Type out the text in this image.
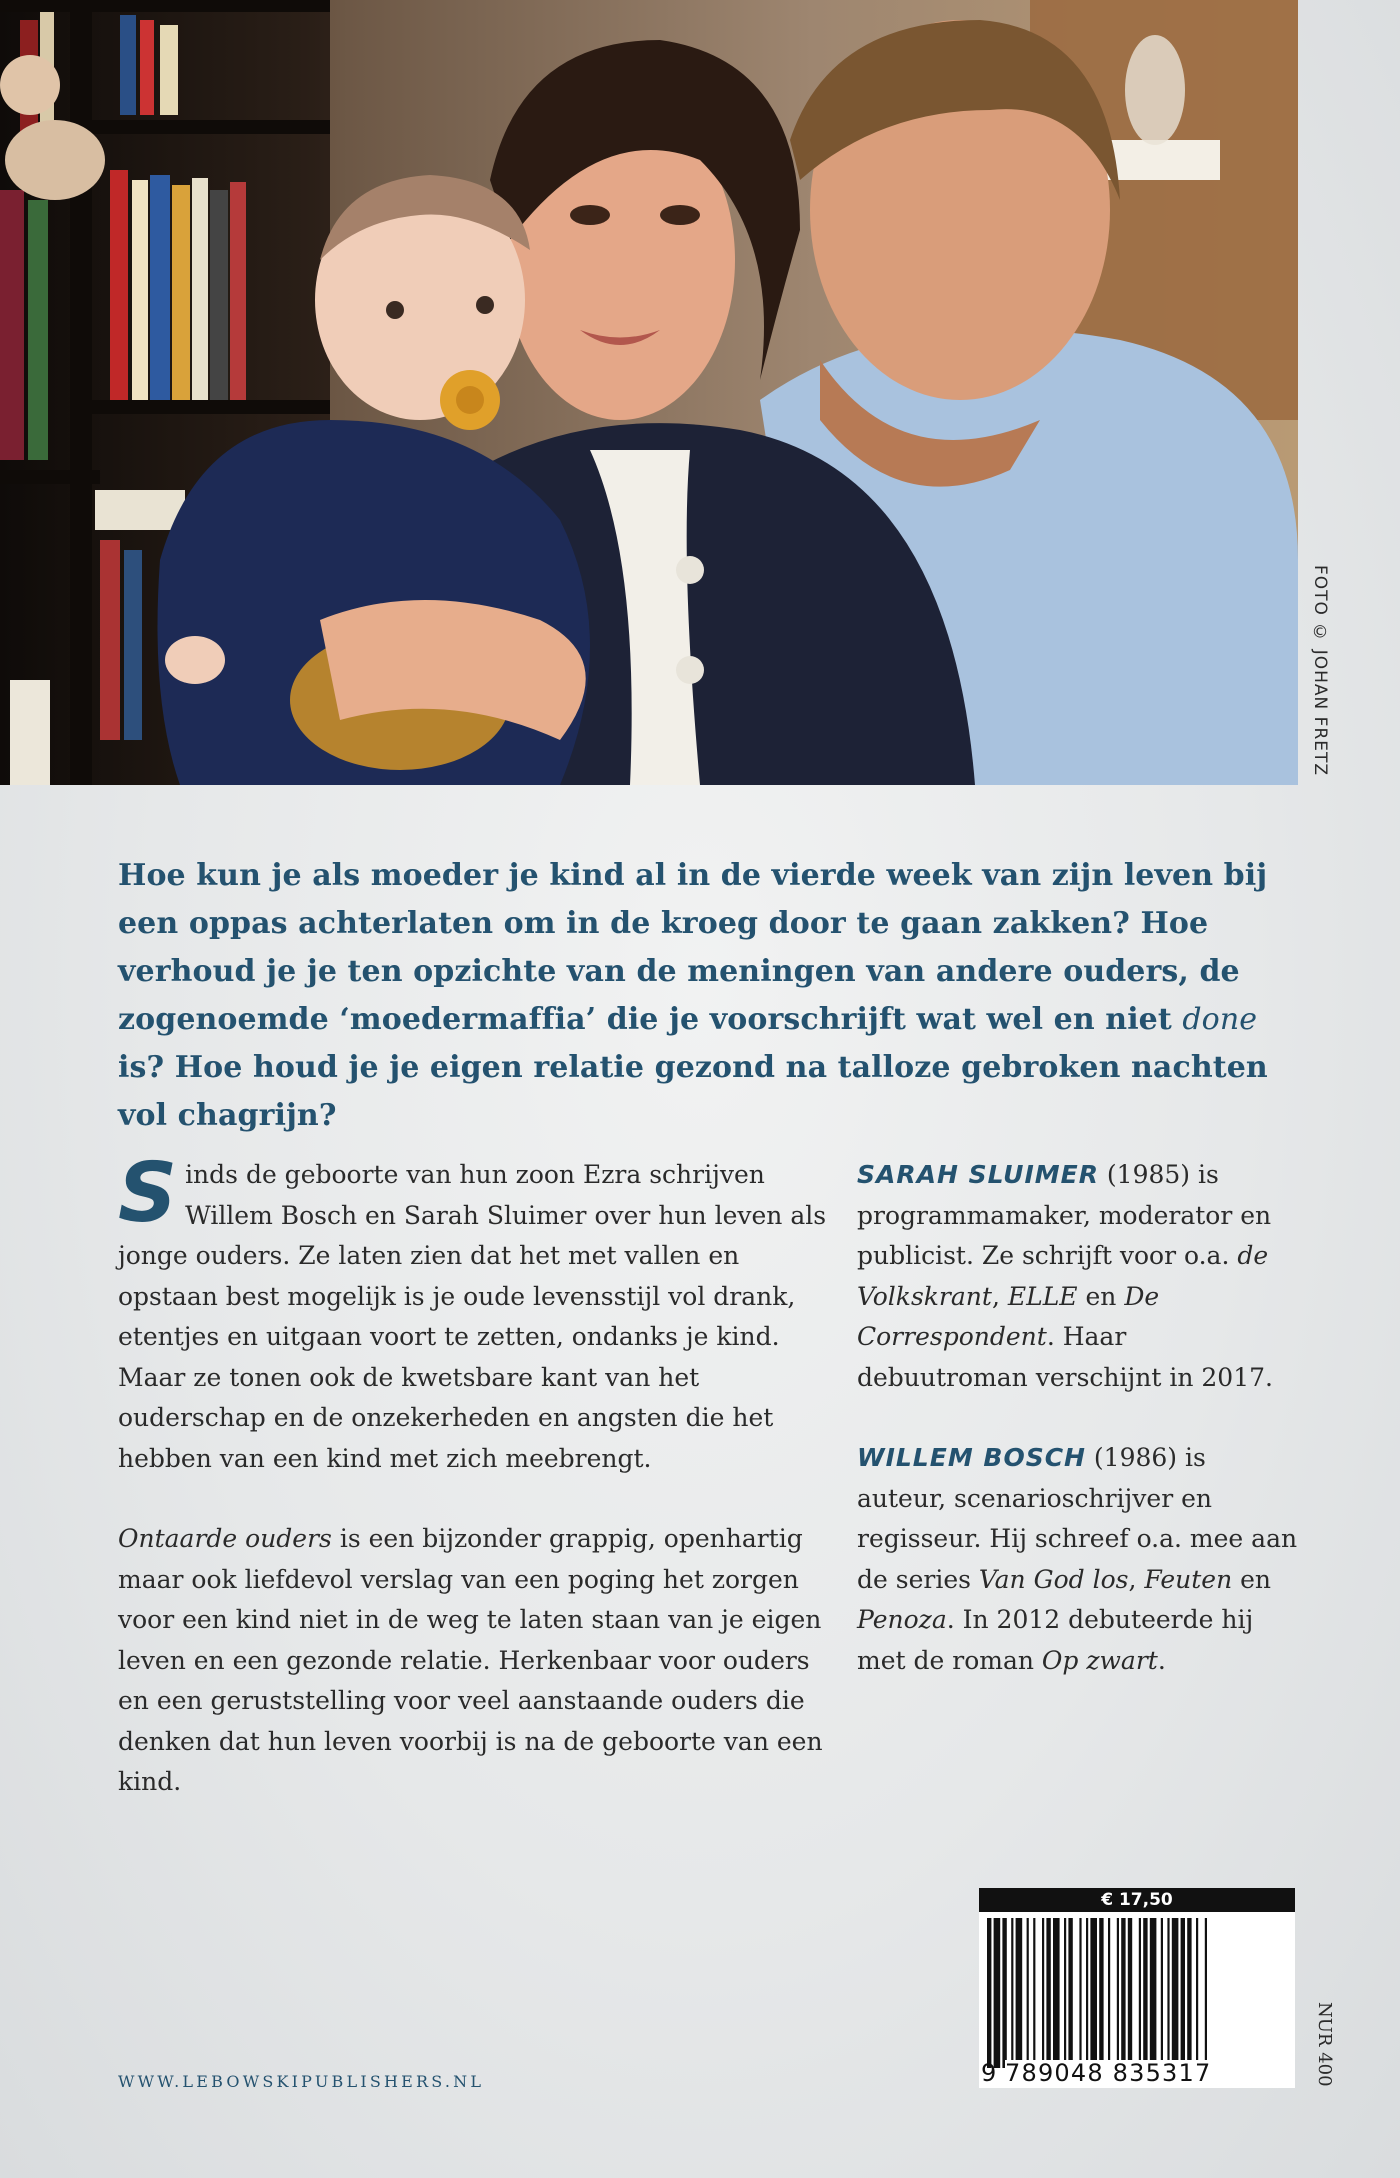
FOTO © JOHAN FRETZ
Hoe kun je als moeder je kind al in de vierde week van zijn leven bij een oppas achterlaten om in de kroeg door te gaan zakken? Hoe verhoud je je ten opzichte van de meningen van andere ouders, de zogenoemde ‘moedermaffia’ die je voorschrijft wat wel en niet done is? Hoe houd je je eigen relatie gezond na talloze gebroken nachten vol chagrijn?

Sinds de geboorte van hun zoon Ezra schrijven Willem Bosch en Sarah Sluimer over hun leven als jonge ouders. Ze laten zien dat het met vallen en opstaan best mogelijk is je oude levensstijl vol drank, etentjes en uitgaan voort te zetten, ondanks je kind. Maar ze tonen ook de kwetsbare kant van het ouderschap en de onzekerheden en angsten die het hebben van een kind met zich meebrengt.

Ontaarde ouders is een bijzonder grappig, openhartig maar ook liefdevol verslag van een poging het zorgen voor een kind niet in de weg te laten staan van je eigen leven en een gezonde relatie. Herkenbaar voor ouders en een geruststelling voor veel aanstaande ouders die denken dat hun leven voorbij is na de geboorte van een kind.

SARAH SLUIMER (1985) is programmamaker, moderator en publicist. Ze schrijft voor o.a. de Volkskrant, ELLE en De Correspondent. Haar debuutroman verschijnt in 2017.

WILLEM BOSCH (1986) is auteur, scenarioschrijver en regisseur. Hij schreef o.a. mee aan de series Van God los, Feuten en Penoza. In 2012 debuteerde hij met de roman Op zwart.

WWW.LEBOWSKIPUBLISHERS.NL
€ 17,50
9 789048 835317	NUR 400
